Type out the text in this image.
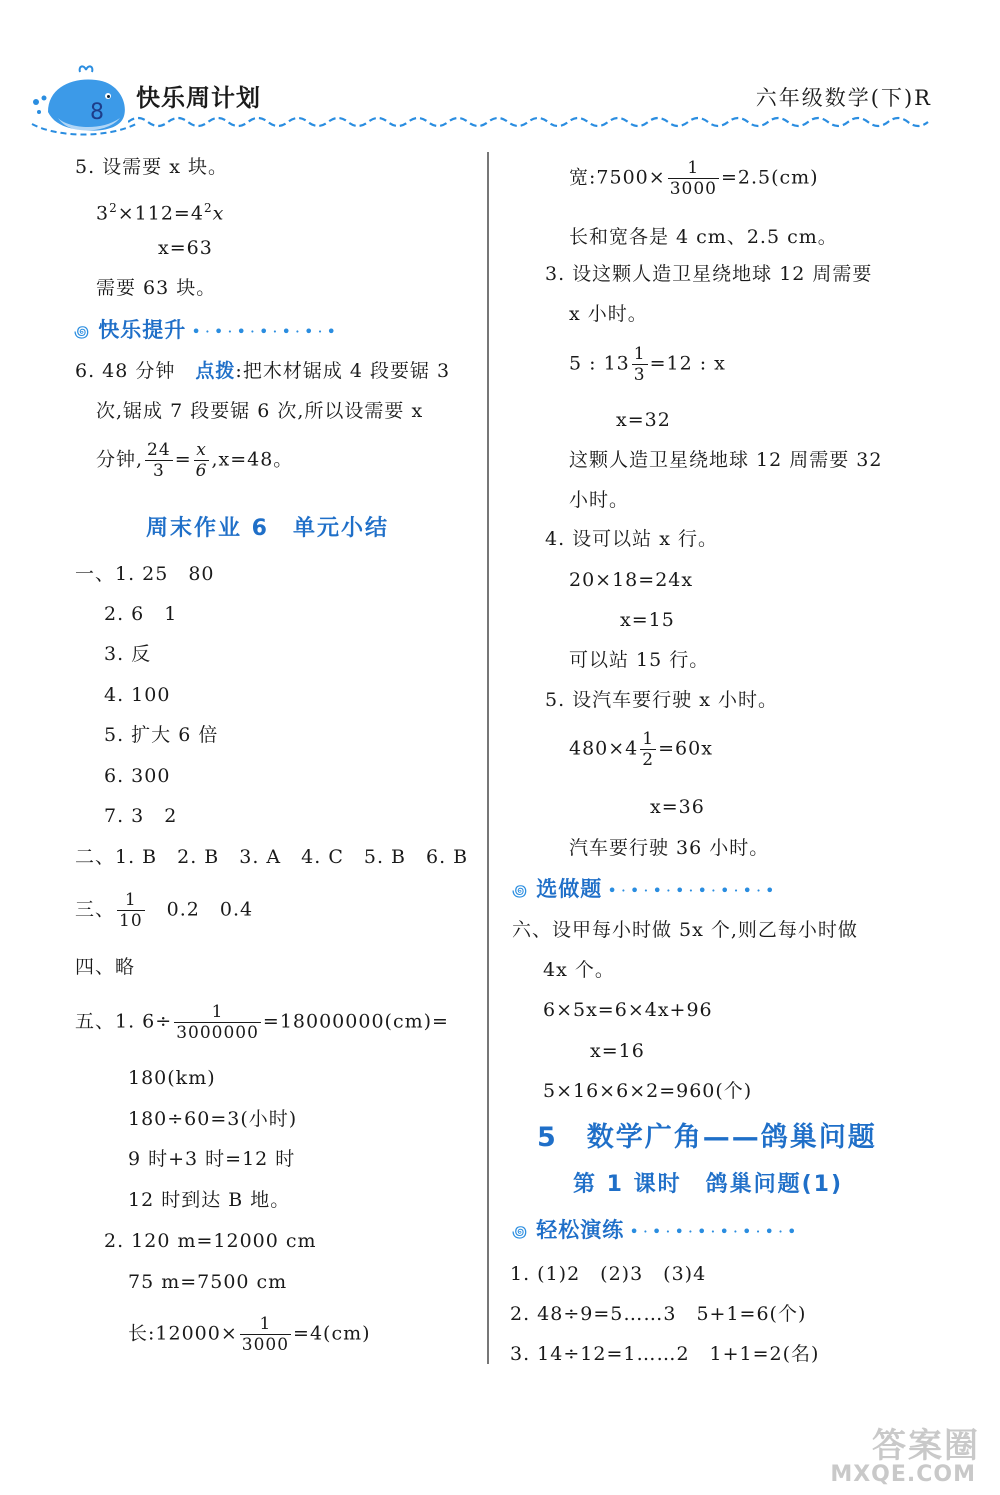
8
快乐周计划	六年级数学(下)R
5. 设需要 x 块。
$3^2\times 112=4^2x$
x=63
需要 63 块。
꩜ 快乐提升 •·•·•·•·•·•·•
6. 48 分钟　 点拨:把木材锯成 4 段要锯 3
次,锯成 7 段要锯 6 次,所以设需要 x
分钟, $\frac{24}{3} = \frac{x}{6} ,x=48$。
周末作业 6　单元小结
一、1. 25　80
2. 6　1
3. 反
4. 100
5. 扩大 6 倍
6. 300
7. 3　2
二、1. B　2. B　3. A　4. C　5. B　6. B
三、 $\frac{1}{10}$
　 0.2　0.4
四、略
五、1. $6\div \frac{1}{3000000} =18000000(cm)=$
180(km)
180÷60=3(小时)
9 时+3 时=12 时
12 时到达 B 地。
2. 120 m=12000 cm
75 m=7500 cm
长:12000× $\frac{1}{3000} =4(cm)$
宽:7500× $\frac{1}{3000} =2.5(cm)$
长和宽各是 4 cm、2.5 cm。
3. 设这颗人造卫星绕地球 12 周需要
x 小时。
5 : $13 \frac{1}{3} =12$ : x
x=32
这颗人造卫星绕地球 12 周需要 32
小时。
4. 设可以站 x 行。
20×18=24x
x=15
可以站 15 行。
5. 设汽车要行驶 x 小时。
$480\times 4 \frac{1}{2} =60x$
x=36
汽车要行驶 36 小时。
꩜ 选做题 •·•·•·•·•·•·•·•
六、设甲每小时做 5x 个,则乙每小时做
4x 个。
6×5x=6×4x+96
x=16
5×16×6×2=960(个)
5　数学广角——鸽巢问题
第 1 课时　鸽巢问题(1)
꩜ 轻松演练 •·•·•·•·•·•·•·•
1. (1)2　(2)3　(3)4
2. 48÷9=5……3　5+1=6(个)
3. 14÷12=1……2　1+1=2(名)
答案圈
MXQE.COM
